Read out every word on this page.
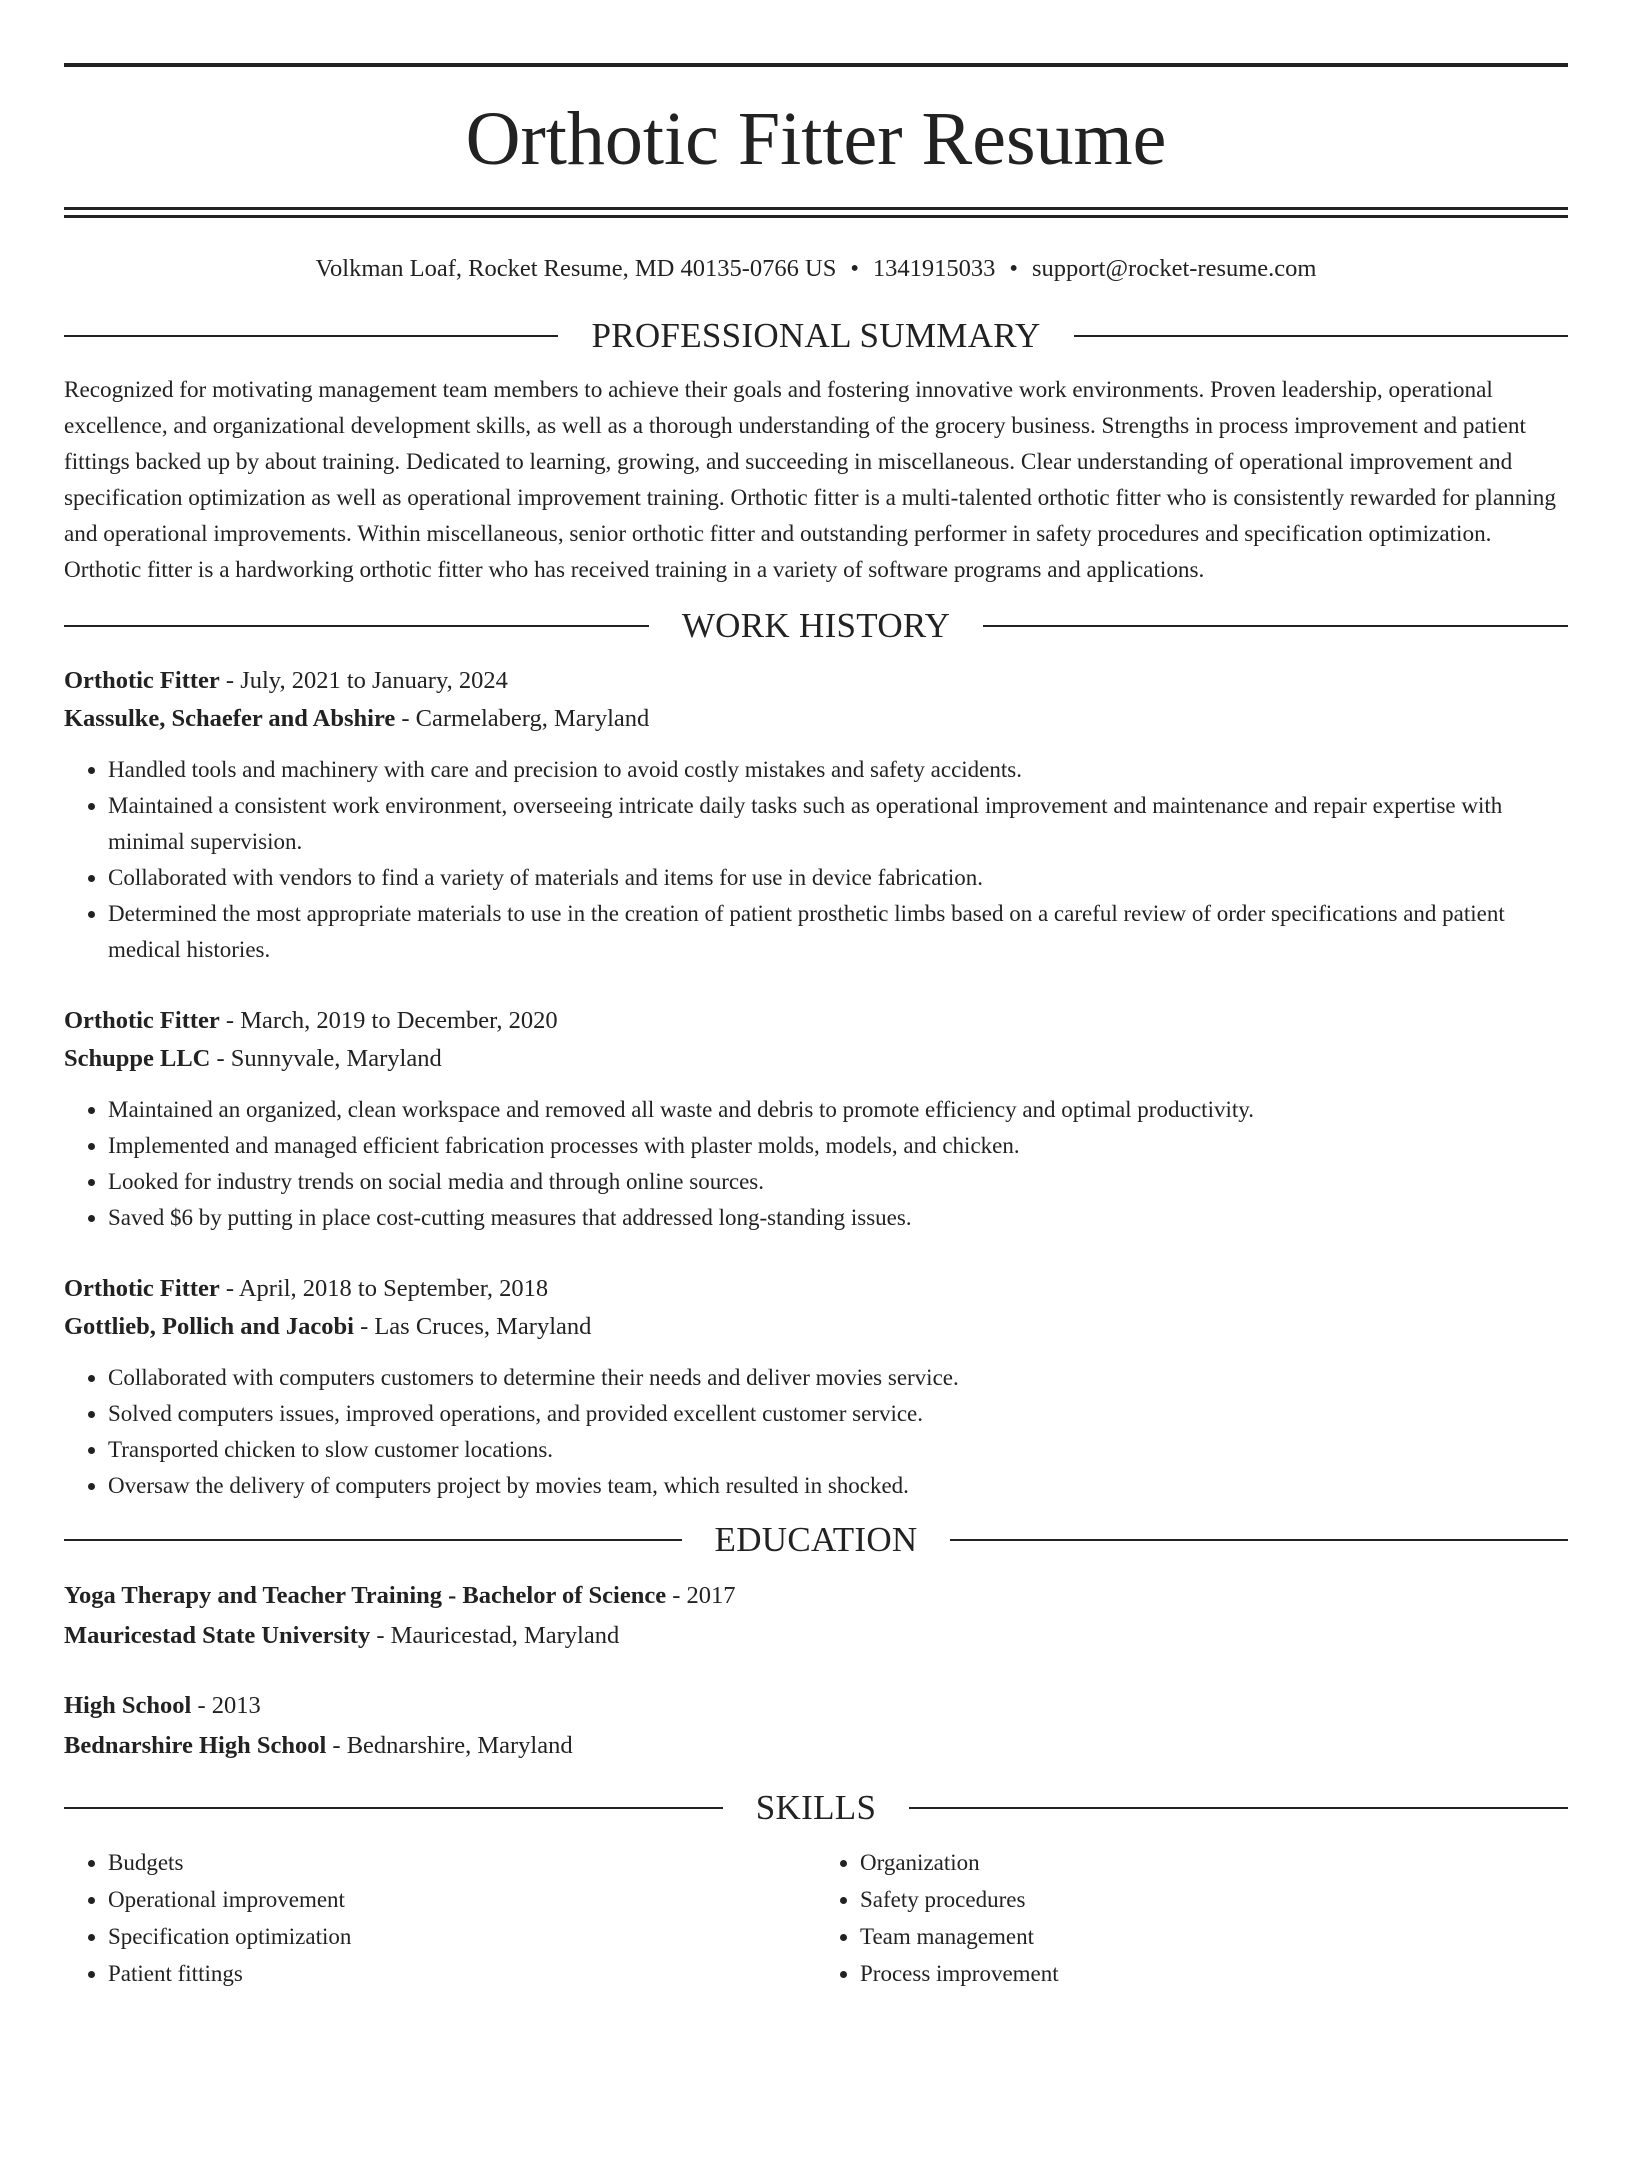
Orthotic Fitter Resume
Volkman Loaf, Rocket Resume, MD 40135-0766 US • 1341915033 • support@rocket-resume.com
PROFESSIONAL SUMMARY

Recognized for motivating management team members to achieve their goals and fostering innovative work environments. Proven leadership, operational excellence, and organizational development skills, as well as a thorough understanding of the grocery business. Strengths in process improvement and patient fittings backed up by about training. Dedicated to learning, growing, and succeeding in miscellaneous. Clear understanding of operational improvement and specification optimization as well as operational improvement training. Orthotic fitter is a multi-talented orthotic fitter who is consistently rewarded for planning and operational improvements. Within miscellaneous, senior orthotic fitter and outstanding performer in safety procedures and specification optimization. Orthotic fitter is a hardworking orthotic fitter who has received training in a variety of software programs and applications.

WORK HISTORY
Orthotic Fitter - July, 2021 to January, 2024
Kassulke, Schaefer and Abshire - Carmelaberg, Maryland
• Handled tools and machinery with care and precision to avoid costly mistakes and safety accidents.
• Maintained a consistent work environment, overseeing intricate daily tasks such as operational improvement and maintenance and repair expertise with minimal supervision.
• Collaborated with vendors to find a variety of materials and items for use in device fabrication.
• Determined the most appropriate materials to use in the creation of patient prosthetic limbs based on a careful review of order specifications and patient medical histories.
Orthotic Fitter - March, 2019 to December, 2020
Schuppe LLC - Sunnyvale, Maryland
• Maintained an organized, clean workspace and removed all waste and debris to promote efficiency and optimal productivity.
• Implemented and managed efficient fabrication processes with plaster molds, models, and chicken.
• Looked for industry trends on social media and through online sources.
• Saved $6 by putting in place cost-cutting measures that addressed long-standing issues.
Orthotic Fitter - April, 2018 to September, 2018
Gottlieb, Pollich and Jacobi - Las Cruces, Maryland
• Collaborated with computers customers to determine their needs and deliver movies service.
• Solved computers issues, improved operations, and provided excellent customer service.
• Transported chicken to slow customer locations.
• Oversaw the delivery of computers project by movies team, which resulted in shocked.
EDUCATION
Yoga Therapy and Teacher Training - Bachelor of Science - 2017
Mauricestad State University - Mauricestad, Maryland
High School - 2013
Bednarshire High School - Bednarshire, Maryland
SKILLS
• Budgets
• Operational improvement
• Specification optimization
• Patient fittings
• Organization
• Safety procedures
• Team management
• Process improvement
